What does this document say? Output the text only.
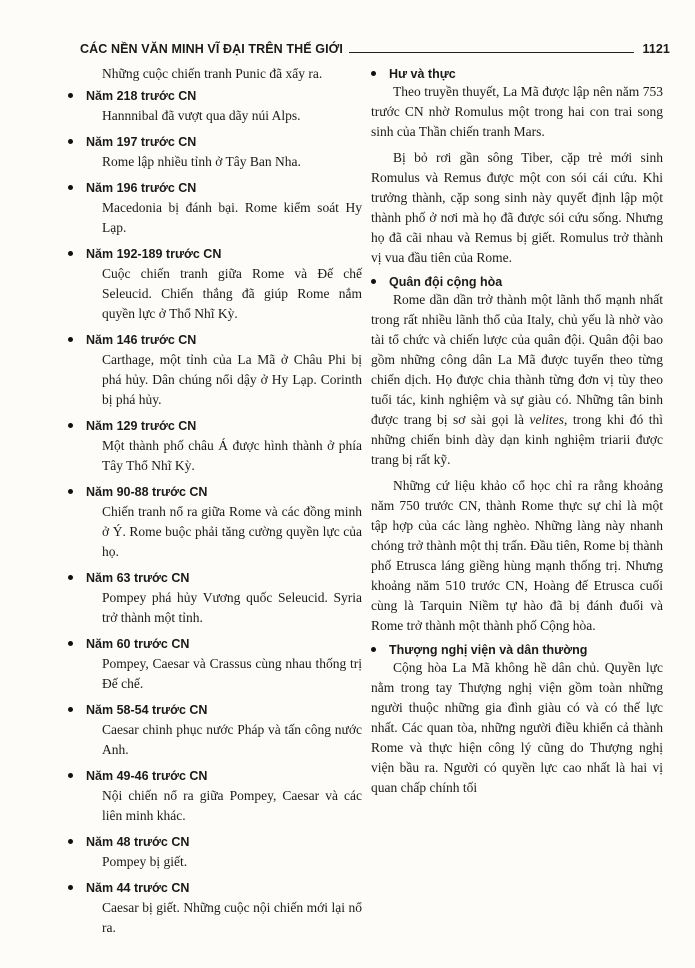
CÁC NỀN VĂN MINH VĨ ĐẠI TRÊN THẾ GIỚI	1121

Những cuộc chiến tranh Punic đã xẩy ra.

Năm 218 trước CN

Hannnibal đã vượt qua dãy núi Alps.

Năm 197 trước CN

Rome lập nhiều tỉnh ở Tây Ban Nha.

Năm 196 trước CN

Macedonia bị đánh bại. Rome kiểm soát Hy Lạp.

Năm 192-189 trước CN

Cuộc chiến tranh giữa Rome và Đế chế Seleucid. Chiến thắng đã giúp Rome nắm quyền lực ở Thổ Nhĩ Kỳ.

Năm 146 trước CN

Carthage, một tỉnh của La Mã ở Châu Phi bị phá hủy. Dân chúng nổi dậy ở Hy Lạp. Corinth bị phá hủy.

Năm 129 trước CN

Một thành phố châu Á được hình thành ở phía Tây Thổ Nhĩ Kỳ.

Năm 90-88 trước CN

Chiến tranh nổ ra giữa Rome và các đồng minh ở Ý. Rome buộc phải tăng cường quyền lực của họ.

Năm 63 trước CN

Pompey phá hủy Vương quốc Seleucid. Syria trở thành một tỉnh.

Năm 60 trước CN

Pompey, Caesar và Crassus cùng nhau thống trị Đế chế.

Năm 58-54 trước CN

Caesar chinh phục nước Pháp và tấn công nước Anh.

Năm 49-46 trước CN

Nội chiến nổ ra giữa Pompey, Caesar và các liên minh khác.

Năm 48 trước CN

Pompey bị giết.

Năm 44 trước CN

Caesar bị giết. Những cuộc nội chiến mới lại nổ ra.

Hư và thực

Theo truyền thuyết, La Mã được lập nên năm 753 trước CN nhờ Romulus một trong hai con trai song sinh của Thần chiến tranh Mars.

Bị bỏ rơi gần sông Tiber, cặp trẻ mới sinh Romulus và Remus được một con sói cái cứu. Khi trưởng thành, cặp song sinh này quyết định lập một thành phố ở nơi mà họ đã được sói cứu sống. Nhưng họ đã cãi nhau và Remus bị giết. Romulus trở thành vị vua đầu tiên của Rome.

Quân đội cộng hòa

Rome dần dần trở thành một lãnh thổ mạnh nhất trong rất nhiều lãnh thổ của Italy, chủ yếu là nhờ vào tài tổ chức và chiến lược của quân đội. Quân đội bao gồm những công dân La Mã được tuyển theo từng chiến dịch. Họ được chia thành từng đơn vị tùy theo tuổi tác, kinh nghiệm và sự giàu có. Những tân binh được trang bị sơ sài gọi là velites, trong khi đó thì những chiến binh dày dạn kinh nghiệm triarii được trang bị rất kỹ.

Những cứ liệu khảo cổ học chỉ ra rằng khoảng năm 750 trước CN, thành Rome thực sự chỉ là một tập hợp của các làng nghèo. Những làng này nhanh chóng trở thành một thị trấn. Đầu tiên, Rome bị thành phố Etrusca láng giềng hùng mạnh thống trị. Nhưng khoảng năm 510 trước CN, Hoàng đế Etrusca cuối cùng là Tarquin Niềm tự hào đã bị đánh đuổi và Rome trở thành một thành phố Cộng hòa.

Thượng nghị viện và dân thường

Cộng hòa La Mã không hề dân chủ. Quyền lực nằm trong tay Thượng nghị viện gồm toàn những người thuộc những gia đình giàu có và có thế lực nhất. Các quan tòa, những người điều khiển cả thành Rome và thực hiện công lý cũng do Thượng nghị viện bầu ra. Người có quyền lực cao nhất là hai vị quan chấp chính tối
